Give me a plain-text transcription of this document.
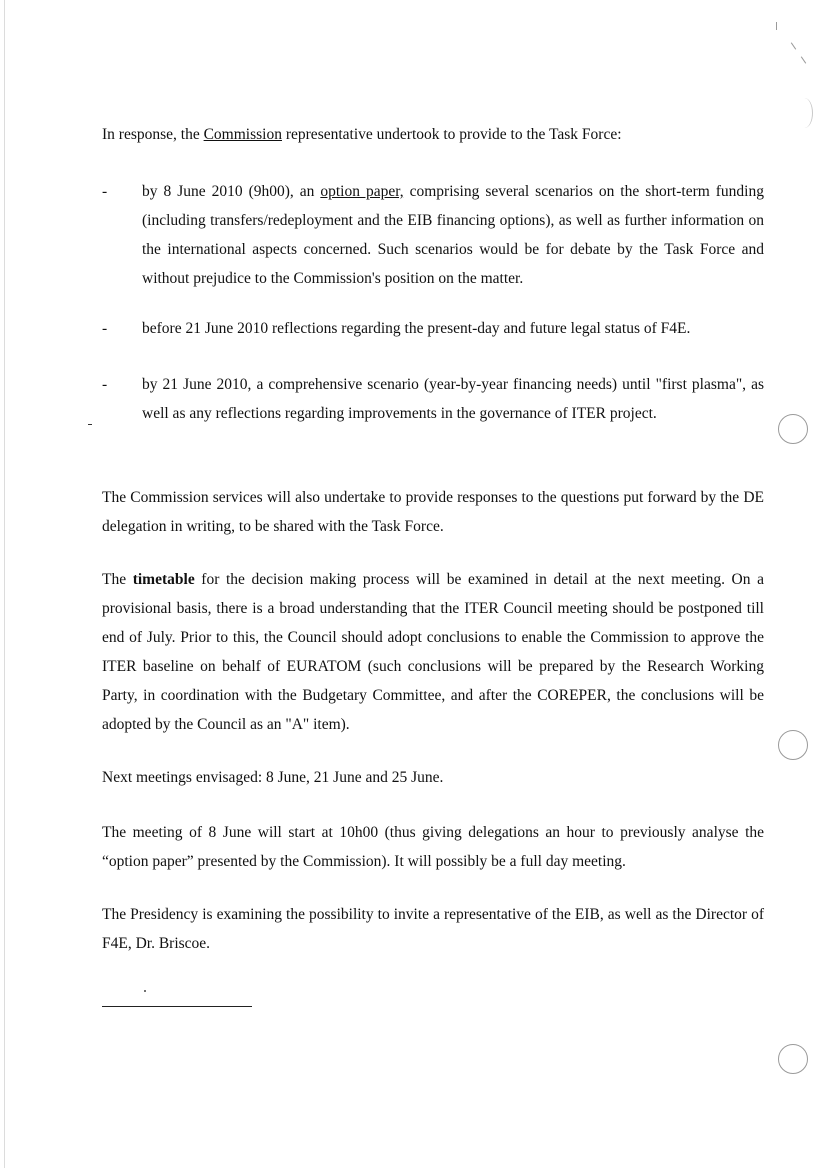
In response, the Commission representative undertook to provide to the Task Force:

- by 8 June 2010 (9h00), an option paper, comprising several scenarios on the short-term funding (including transfers/redeployment and the EIB financing options), as well as further information on the international aspects concerned. Such scenarios would be for debate by the Task Force and without prejudice to the Commission's position on the matter.

- before 21 June 2010 reflections regarding the present-day and future legal status of F4E.

- by 21 June 2010, a comprehensive scenario (year-by-year financing needs) until "first plasma", as well as any reflections regarding improvements in the governance of ITER project.

The Commission services will also undertake to provide responses to the questions put forward by the DE delegation in writing, to be shared with the Task Force.

The timetable for the decision making process will be examined in detail at the next meeting. On a provisional basis, there is a broad understanding that the ITER Council meeting should be postponed till end of July. Prior to this, the Council should adopt conclusions to enable the Commission to approve the ITER baseline on behalf of EURATOM (such conclusions will be prepared by the Research Working Party, in coordination with the Budgetary Committee, and after the COREPER, the conclusions will be adopted by the Council as an "A" item).

Next meetings envisaged: 8 June, 21 June and 25 June.

The meeting of 8 June will start at 10h00 (thus giving delegations an hour to previously analyse the “option paper” presented by the Commission). It will possibly be a full day meeting.

The Presidency is examining the possibility to invite a representative of the EIB, as well as the Director of F4E, Dr. Briscoe.
